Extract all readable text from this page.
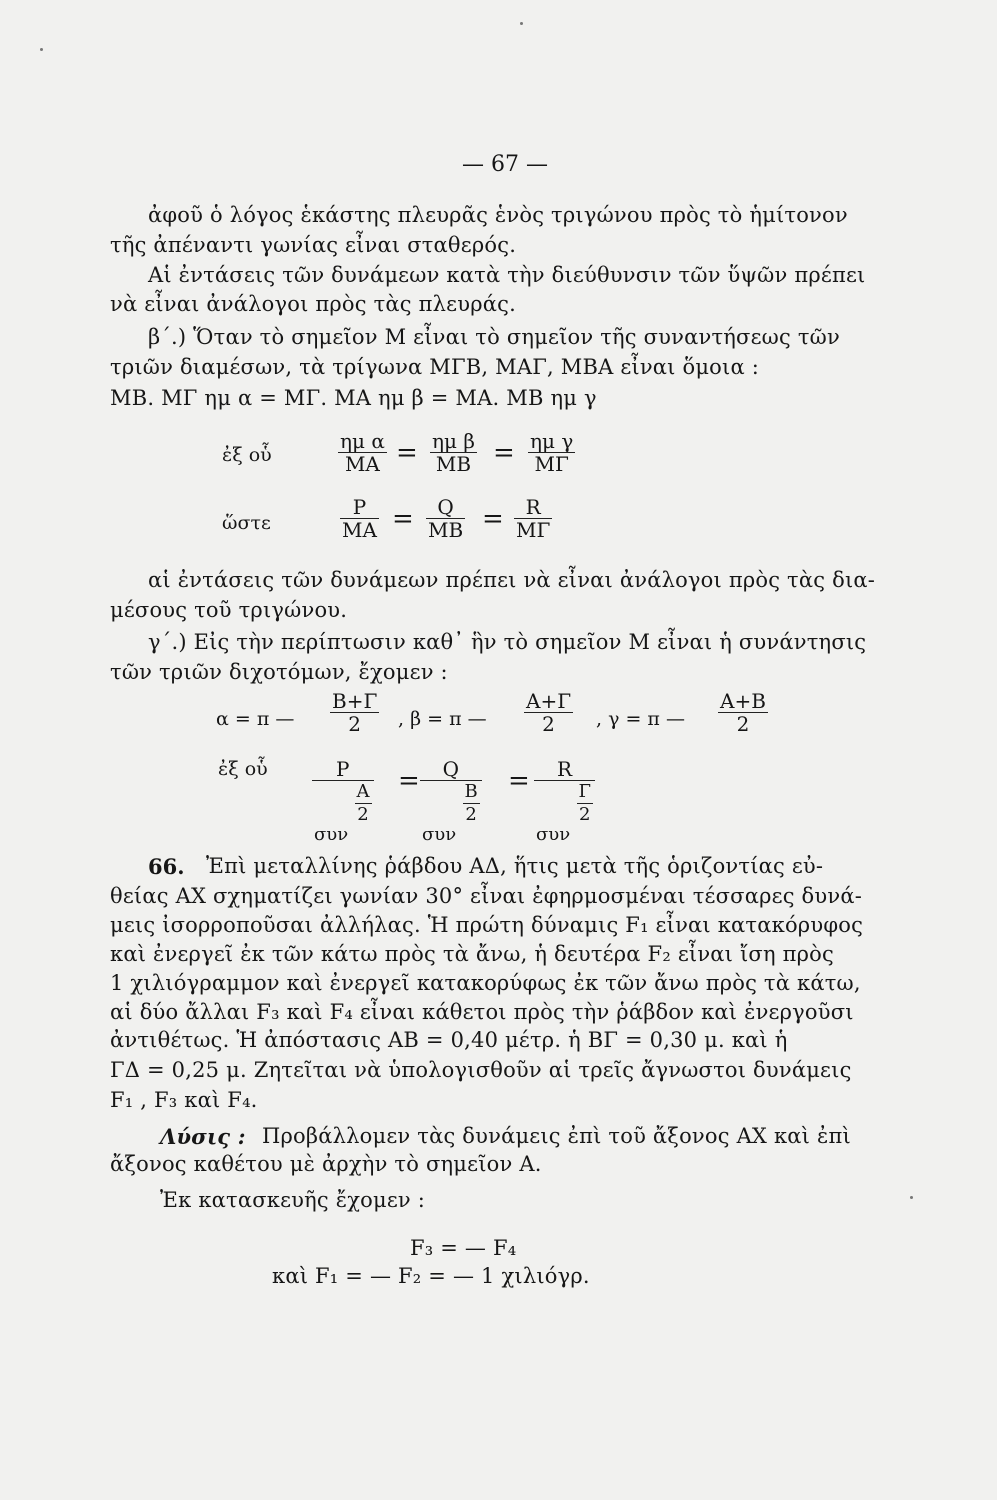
— 67 —
ἀφοῦ ὁ λόγος ἑκάστης πλευρᾶς ἑνὸς τριγώνου πρὸς τὸ ἡμίτονον
τῆς ἀπέναντι γωνίας εἶναι σταθερός.
Αἱ ἐντάσεις τῶν δυνάμεων κατὰ τὴν διεύθυνσιν τῶν ὕψῶν πρέπει
νὰ εἶναι ἀνάλογοι πρὸς τὰς πλευράς.
β΄.) Ὅταν τὸ σημεῖον Μ εἶναι τὸ σημεῖον τῆς συναντήσεως τῶν
τριῶν διαμέσων, τὰ τρίγωνα ΜΓΒ, ΜΑΓ, ΜΒΑ εἶναι ὅμοια :
ΜΒ. ΜΓ ημ α = ΜΓ. ΜΑ ημ β = ΜΑ. ΜΒ ημ γ
ἐξ οὗ	$\frac{\text{ημ α}}{MA} = \frac{\text{ημ β}}{MB} = \frac{\text{ημ γ}}{M\Gamma}$
ὥστε	$\frac{P}{MA} = \frac{Q}{MB} = \frac{R}{M\Gamma}$
αἱ ἐντάσεις τῶν δυνάμεων πρέπει νὰ εἶναι ἀνάλογοι πρὸς τὰς δια-
μέσους τοῦ τριγώνου.
γ΄.) Εἰς τὴν περίπτωσιν καθ᾿ ἣν τὸ σημεῖον Μ εἶναι ἡ συνάντησις
τῶν τριῶν διχοτόμων, ἔχομεν :
α = π — $\frac{B+\Gamma}{2}$ , β = π — $\frac{A+\Gamma}{2}$ , γ = π — $\frac{A+B}{2}$
ἐξ οὗ	P
συν
$\frac{A}{2}$ =	Q
συν
$\frac{B}{2}$ =	R
συν
$\frac{\Gamma}{2}$
66. Ἐπὶ μεταλλίνης ῥάβδου ΑΔ, ἥτις μετὰ τῆς ὁριζοντίας εὐ-
θείας ΑΧ σχηματίζει γωνίαν 30° εἶναι ἐφηρμοσμέναι τέσσαρες δυνά-
μεις ἰσορροποῦσαι ἀλλήλας. Ἡ πρώτη δύναμις F₁ εἶναι κατακόρυφος
καὶ ἐνεργεῖ ἐκ τῶν κάτω πρὸς τὰ ἄνω, ἡ δευτέρα F₂ εἶναι ἴση πρὸς
1 χιλιόγραμμον καὶ ἐνεργεῖ κατακορύφως ἐκ τῶν ἄνω πρὸς τὰ κάτω,
αἱ δύο ἄλλαι F₃ καὶ F₄ εἶναι κάθετοι πρὸς τὴν ῥάβδον καὶ ἐνεργοῦσι
ἀντιθέτως. Ἡ ἀπόστασις ΑΒ = 0,40 μέτρ. ἡ ΒΓ = 0,30 μ. καὶ ἡ
ΓΔ = 0,25 μ. Ζητεῖται νὰ ὑπολογισθοῦν αἱ τρεῖς ἄγνωστοι δυνάμεις
F₁ , F₃ καὶ F₄.
Λύσις : Προβάλλομεν τὰς δυνάμεις ἐπὶ τοῦ ἄξονος ΑΧ καὶ ἐπὶ
ἄξονος καθέτου μὲ ἀρχὴν τὸ σημεῖον Α.
Ἐκ κατασκευῆς ἔχομεν :
F₃ = — F₄
καὶ F₁ = — F₂ = — 1 χιλιόγρ.
